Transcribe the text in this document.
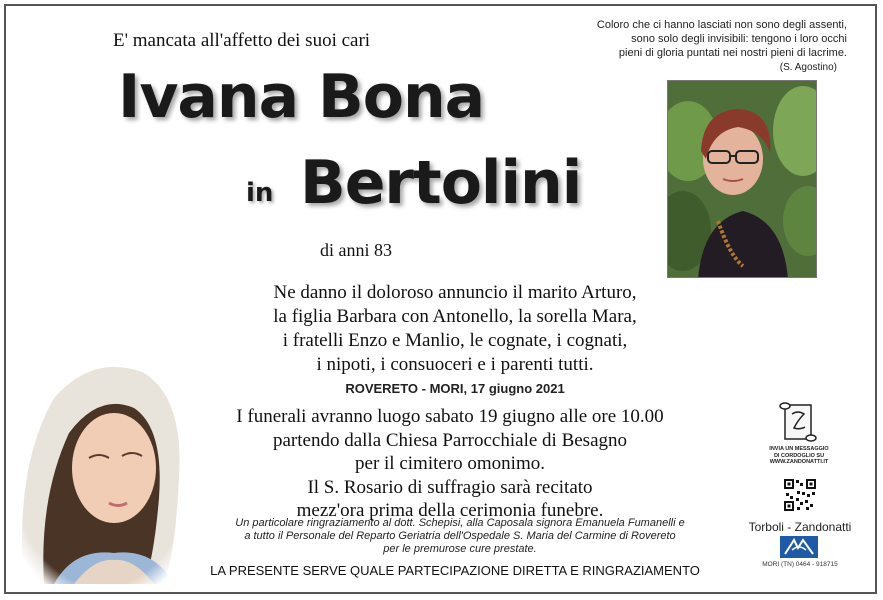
E' mancata all'affetto dei suoi cari
Ivana Bona
in Bertolini
di anni 83
Coloro che ci hanno lasciati non sono degli assenti,
sono solo degli invisibili: tengono i loro occhi
pieni di gloria puntati nei nostri pieni di lacrime.
(S. Agostino)
Ne danno il doloroso annuncio il marito Arturo,
la figlia Barbara con Antonello, la sorella Mara,
i fratelli Enzo e Manlio, le cognate, i cognati,
i nipoti, i consuoceri e i parenti tutti.
ROVERETO - MORI, 17 giugno 2021
I funerali avranno luogo sabato 19 giugno alle ore 10.00
partendo dalla Chiesa Parrocchiale di Besagno
per il cimitero omonimo.
Il S. Rosario di suffragio sarà recitato
mezz'ora prima della cerimonia funebre.
Un particolare ringraziamento al dott. Schepisi, alla Caposala signora Emanuela Fumanelli e
a tutto il Personale del Reparto Geriatria dell'Ospedale S. Maria del Carmine di Rovereto
per le premurose cure prestate.
LA PRESENTE SERVE QUALE PARTECIPAZIONE DIRETTA E RINGRAZIAMENTO
INVIA UN MESSAGGIO
DI CORDOGLIO SU
WWW.ZANDONATTI.IT
Torboli - Zandonatti
MORI (TN) 0464 - 918715
